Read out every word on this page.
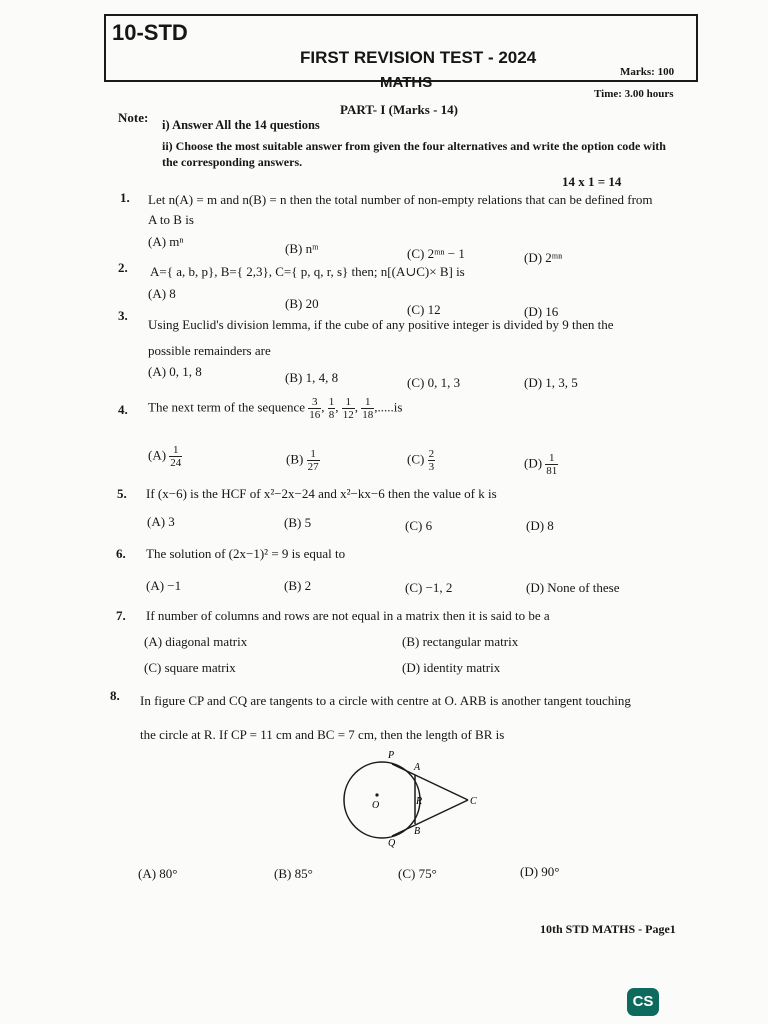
10-STD
FIRST REVISION TEST - 2024
MATHS
Marks: 100
Time: 3.00 hours
PART- I (Marks - 14)
Note: i) Answer All the 14 questions
ii) Choose the most suitable answer from given the four alternatives and write the option code with the corresponding answers.
14 x 1 = 14
1. Let n(A) = m and n(B) = n then the total number of non-empty relations that can be defined from
A to B is
(A) mⁿ	(B) nᵐ	(C) 2ᵐⁿ − 1	(D) 2ᵐⁿ
2. A={ a, b, p}, B={ 2,3}, C={ p, q, r, s} then; n[(A∪C)× B] is
(A) 8
(B) 20	(C) 12	(D) 16
3.
Using Euclid's division lemma, if the cube of any positive integer is divided by 9 then the
possible remainders are
(A) 0, 1, 8	(B) 1, 4, 8	(C) 0, 1, 3	(D) 1, 3, 5
4. The next term of the sequence $\frac{3}{16}$ , $\frac{1}{8}$ , $\frac{1}{12}$ , $\frac{1}{18} ,.....is$
$(A) \frac{1}{24}$	$(B) \frac{1}{27}$	$(C) \frac{2}{3}$	$(D) \frac{1}{81}$
5. If (x−6) is the HCF of x²−2x−24 and x²−kx−6 then the value of k is
(A) 3	(B) 5	(C) 6	(D) 8
6. The solution of (2x−1)² = 9 is equal to
(A) −1	(B) 2	(C) −1, 2	(D) None of these
7. If number of columns and rows are not equal in a matrix then it is said to be a
(A) diagonal matrix	(B) rectangular matrix
(C) square matrix	(D) identity matrix
8. In figure CP and CQ are tangents to a circle with centre at O. ARB is another tangent touching
the circle at R. If CP = 11 cm and BC = 7 cm, then the length of BR is
P
A
O	R	C
B
Q
(A) 80°	(B) 85°	(C) 75°	(D) 90°
10th STD MATHS - Page1
CS
